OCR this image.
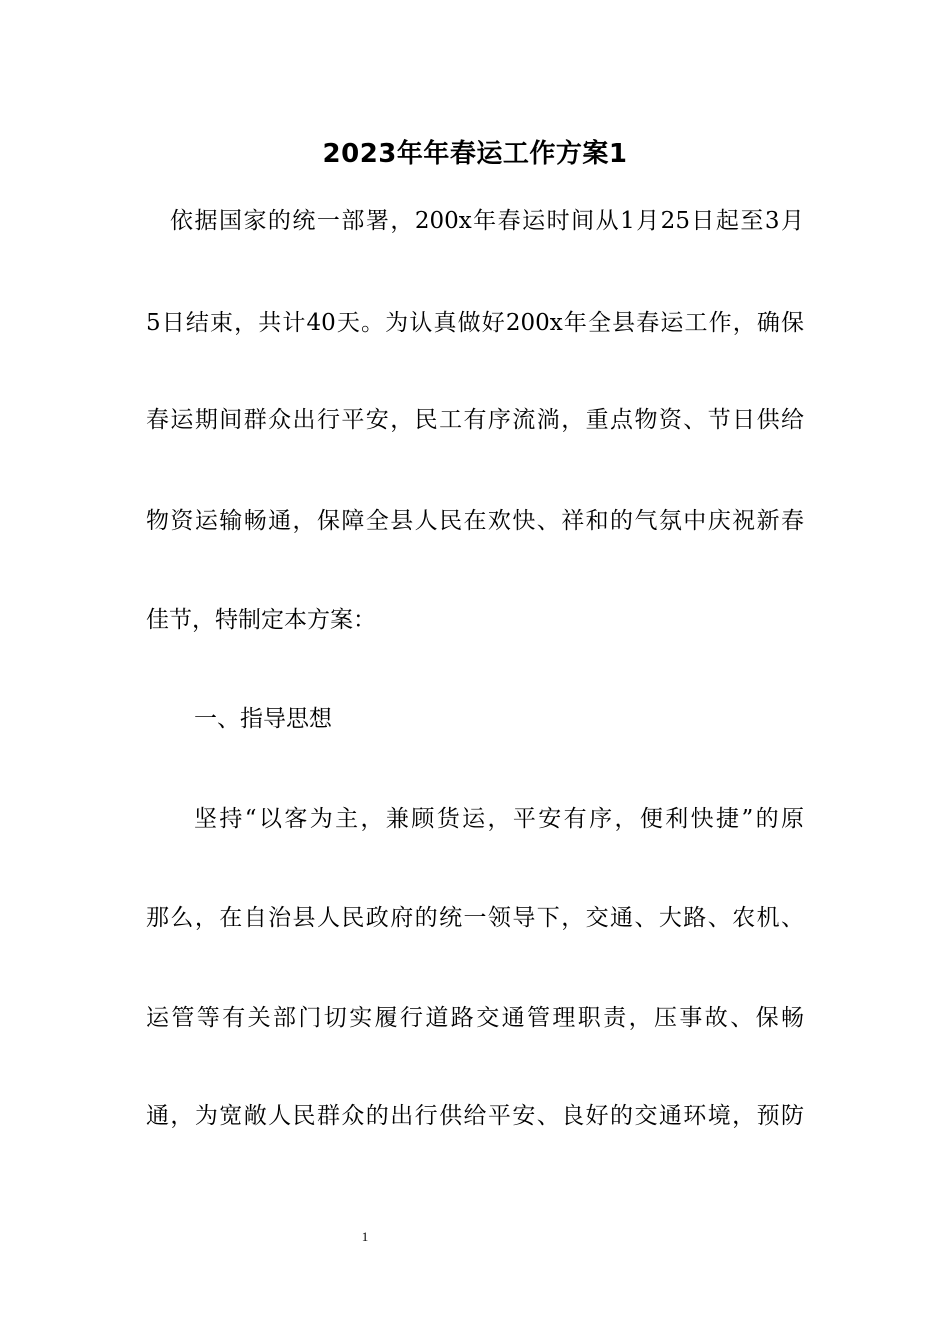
2023年年春运工作方案1
依据国家的统一部署，200x年春运时间从1月25日起至3月
5日结束，共计40天。为认真做好200x年全县春运工作，确保
春运期间群众出行平安，民工有序流淌，重点物资、节日供给
物资运输畅通，保障全县人民在欢快、祥和的气氛中庆祝新春
佳节，特制定本方案：
一、指导思想
坚持“以客为主，兼顾货运，平安有序，便利快捷”的原
那么，在自治县人民政府的统一领导下，交通、大路、农机、
运管等有关部门切实履行道路交通管理职责，压事故、保畅
通，为宽敞人民群众的出行供给平安、良好的交通环境，预防
1
